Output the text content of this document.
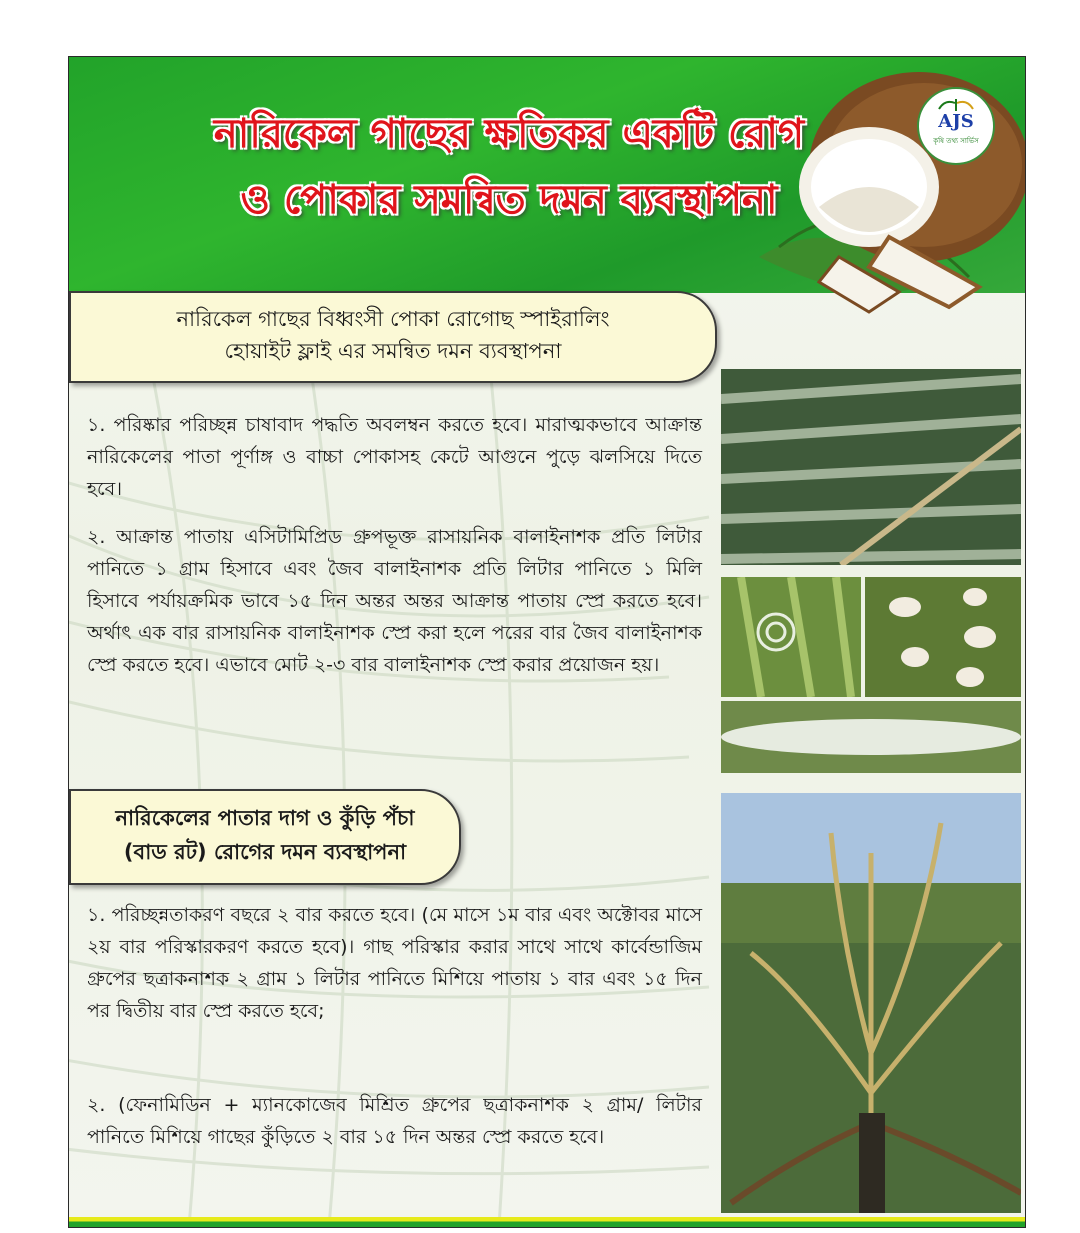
নারিকেল গাছের ক্ষতিকর একটি রোগ
ও পোকার সমন্বিত দমন ব্যবস্থাপনা
AJS
কৃষি তথ্য সার্ভিস
নারিকেল গাছের বিধ্বংসী পোকা রোগোছ স্পাইরালিং
হোয়াইট ফ্লাই এর সমন্বিত দমন ব্যবস্থাপনা

১. পরিষ্কার পরিচ্ছন্ন চাষাবাদ পদ্ধতি অবলম্বন করতে হবে। মারাত্মকভাবে আক্রান্ত নারিকেলের পাতা পূর্ণাঙ্গ ও বাচ্চা পোকাসহ কেটে আগুনে পুড়ে ঝলসিয়ে দিতে হবে।

২. আক্রান্ত পাতায় এসিটামিপ্রিড গ্রুপভূক্ত রাসায়নিক বালাইনাশক প্রতি লিটার পানিতে ১ গ্রাম হিসাবে এবং জৈব বালাইনাশক প্রতি লিটার পানিতে ১ মিলি হিসাবে পর্যায়ক্রমিক ভাবে ১৫ দিন অন্তর অন্তর আক্রান্ত পাতায় স্প্রে করতে হবে। অর্থাৎ এক বার রাসায়নিক বালাইনাশক স্প্রে করা হলে পরের বার জৈব বালাইনাশক স্প্রে করতে হবে। এভাবে মোট ২-৩ বার বালাইনাশক স্প্রে করার প্রয়োজন হয়।

নারিকেলের পাতার দাগ ও কুঁড়ি পঁচা
(বাড রট) রোগের দমন ব্যবস্থাপনা

১. পরিচ্ছন্নতাকরণ বছরে ২ বার করতে হবে। (মে মাসে ১ম বার এবং অক্টোবর মাসে ২য় বার পরিস্কারকরণ করতে হবে)। গাছ পরিস্কার করার সাথে সাথে কার্বেন্ডাজিম গ্রুপের ছত্রাকনাশক ২ গ্রাম ১ লিটার পানিতে মিশিয়ে পাতায় ১ বার এবং ১৫ দিন পর দ্বিতীয় বার স্প্রে করতে হবে;

২. (ফেনামিডিন + ম্যানকোজেব মিশ্রিত গ্রুপের ছত্রাকনাশক ২ গ্রাম/ লিটার পানিতে মিশিয়ে গাছের কুঁড়িতে ২ বার ১৫ দিন অন্তর স্প্রে করতে হবে।
